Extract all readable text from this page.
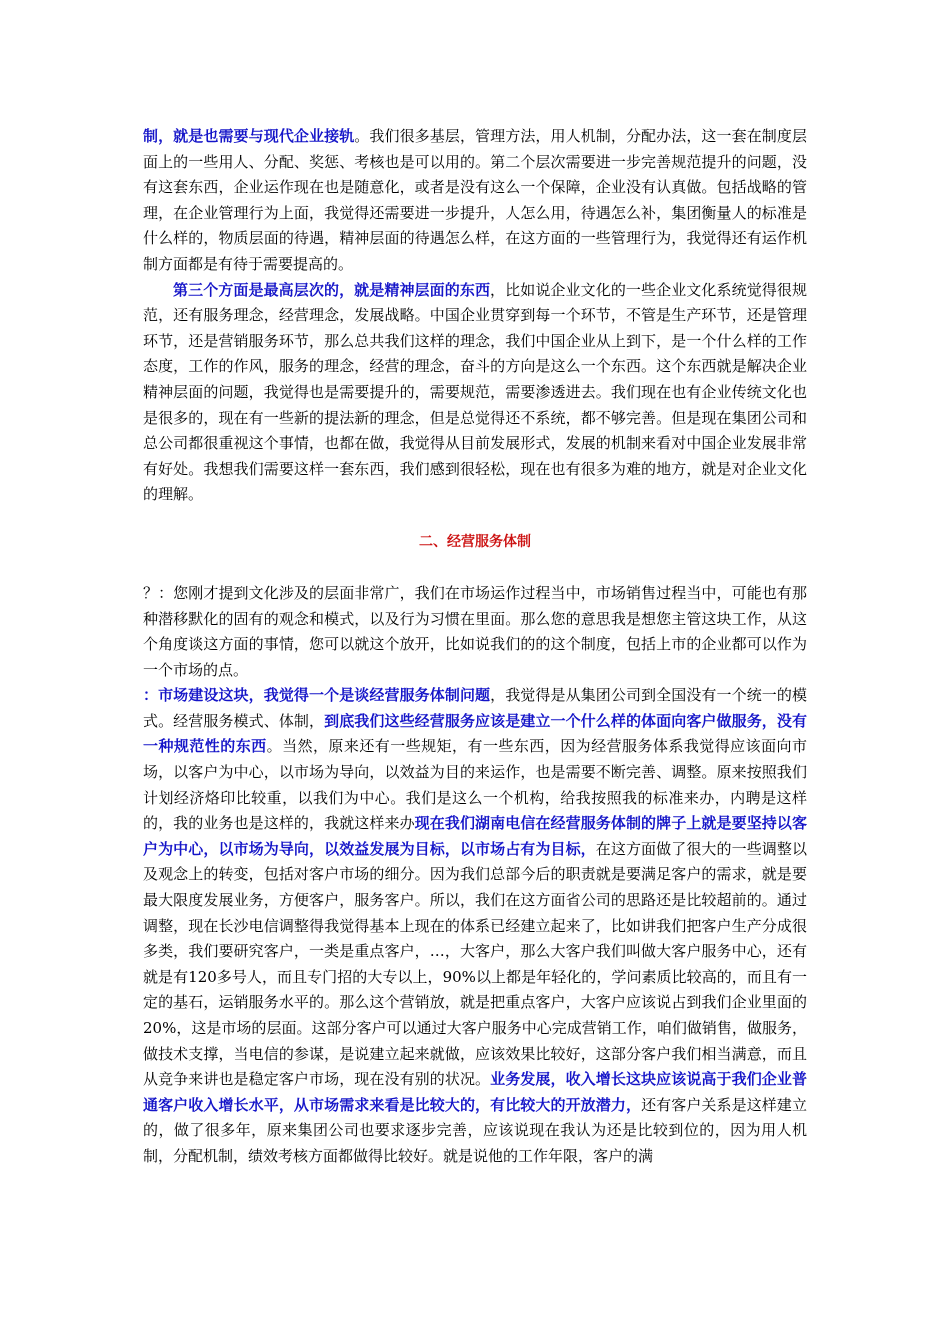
制，就是也需要与现代企业接轨。我们很多基层，管理方法，用人机制，分配办法，这一套在制度层面上的一些用人、分配、奖惩、考核也是可以用的。第二个层次需要进一步完善规范提升的问题，没有这套东西，企业运作现在也是随意化，或者是没有这么一个保障，企业没有认真做。包括战略的管理，在企业管理行为上面，我觉得还需要进一步提升，人怎么用，待遇怎么补，集团衡量人的标准是什么样的，物质层面的待遇，精神层面的待遇怎么样，在这方面的一些管理行为，我觉得还有运作机制方面都是有待于需要提高的。

第三个方面是最高层次的，就是精神层面的东西，比如说企业文化的一些企业文化系统觉得很规范，还有服务理念，经营理念，发展战略。中国企业贯穿到每一个环节，不管是生产环节，还是管理环节，还是营销服务环节，那么总共我们这样的理念，我们中国企业从上到下，是一个什么样的工作态度，工作的作风，服务的理念，经营的理念，奋斗的方向是这么一个东西。这个东西就是解决企业精神层面的问题，我觉得也是需要提升的，需要规范，需要渗透进去。我们现在也有企业传统文化也是很多的，现在有一些新的提法新的理念，但是总觉得还不系统，都不够完善。但是现在集团公司和总公司都很重视这个事情，也都在做，我觉得从目前发展形式，发展的机制来看对中国企业发展非常有好处。我想我们需要这样一套东西，我们感到很轻松，现在也有很多为难的地方，就是对企业文化的理解。

二、经营服务体制

？：您刚才提到文化涉及的层面非常广，我们在市场运作过程当中，市场销售过程当中，可能也有那种潜移默化的固有的观念和模式，以及行为习惯在里面。那么您的意思我是想您主管这块工作，从这个角度谈这方面的事情，您可以就这个放开，比如说我们的的这个制度，包括上市的企业都可以作为一个市场的点。

：市场建设这块，我觉得一个是谈经营服务体制问题，我觉得是从集团公司到全国没有一个统一的模式。经营服务模式、体制，到底我们这些经营服务应该是建立一个什么样的体面向客户做服务，没有一种规范性的东西。当然，原来还有一些规矩，有一些东西，因为经营服务体系我觉得应该面向市场，以客户为中心，以市场为导向，以效益为目的来运作，也是需要不断完善、调整。原来按照我们计划经济烙印比较重，以我们为中心。我们是这么一个机构，给我按照我的标准来办，内聘是这样的，我的业务也是这样的，我就这样来办现在我们湖南电信在经营服务体制的牌子上就是要坚持以客户为中心，以市场为导向，以效益发展为目标，以市场占有为目标，在这方面做了很大的一些调整以及观念上的转变，包括对客户市场的细分。因为我们总部今后的职责就是要满足客户的需求，就是要最大限度发展业务，方便客户，服务客户。所以，我们在这方面省公司的思路还是比较超前的。通过调整，现在长沙电信调整得我觉得基本上现在的体系已经建立起来了，比如讲我们把客户生产分成很多类，我们要研究客户，一类是重点客户，…，大客户，那么大客户我们叫做大客户服务中心，还有就是有120多号人，而且专门招的大专以上，90%以上都是年轻化的，学问素质比较高的，而且有一定的基石，运销服务水平的。那么这个营销放，就是把重点客户，大客户应该说占到我们企业里面的20%，这是市场的层面。这部分客户可以通过大客户服务中心完成营销工作，咱们做销售，做服务，做技术支撑，当电信的参谋，是说建立起来就做，应该效果比较好，这部分客户我们相当满意，而且从竞争来讲也是稳定客户市场，现在没有别的状况。业务发展，收入增长这块应该说高于我们企业普通客户收入增长水平，从市场需求来看是比较大的，有比较大的开放潜力，还有客户关系是这样建立的，做了很多年，原来集团公司也要求逐步完善，应该说现在我认为还是比较到位的，因为用人机制，分配机制，绩效考核方面都做得比较好。就是说他的工作年限，客户的满
